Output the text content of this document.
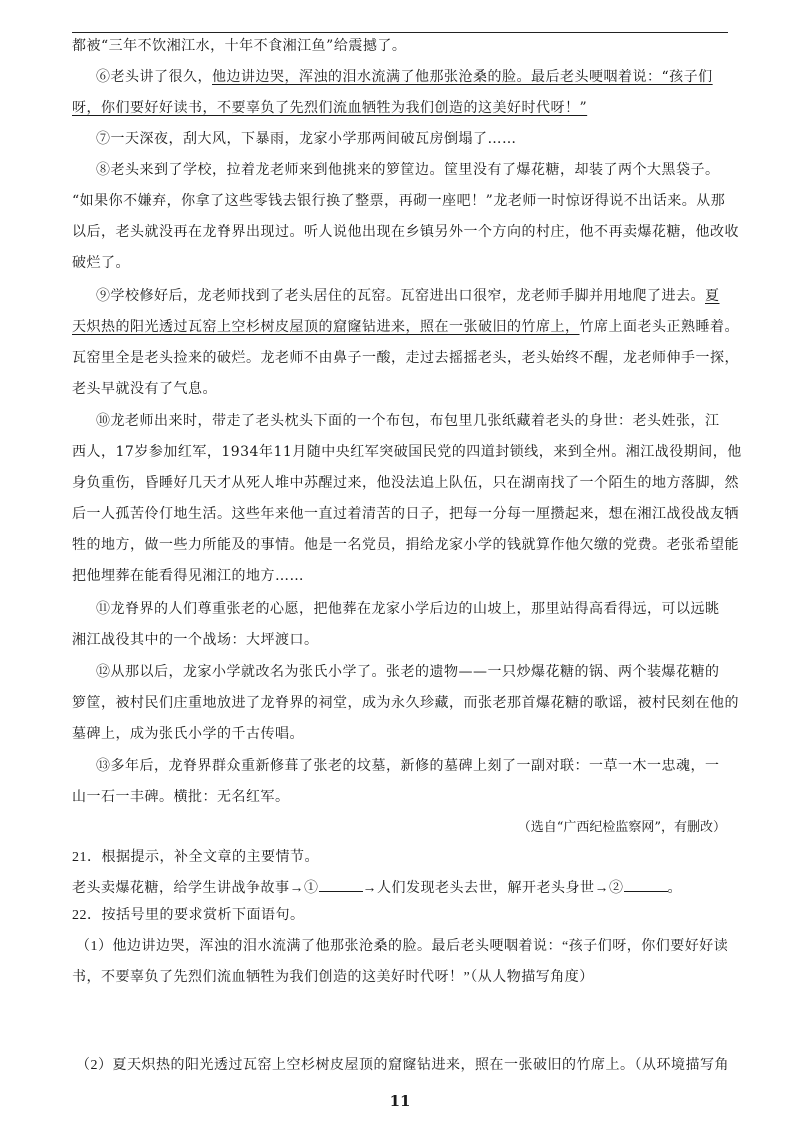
都被“三年不饮湘江水，十年不食湘江鱼”给震撼了。
⑥老头讲了很久，他边讲边哭，浑浊的泪水流满了他那张沧桑的脸。最后老头哽咽着说：“孩子们
呀，你们要好好读书，不要辜负了先烈们流血牺牲为我们创造的这美好时代呀！”
⑦一天深夜，刮大风，下暴雨，龙家小学那两间破瓦房倒塌了……
⑧老头来到了学校，拉着龙老师来到他挑来的箩筐边。筐里没有了爆花糖，却装了两个大黑袋子。
“如果你不嫌弃，你拿了这些零钱去银行换了整票，再砌一座吧！”龙老师一时惊讶得说不出话来。从那
以后，老头就没再在龙脊界出现过。听人说他出现在乡镇另外一个方向的村庄，他不再卖爆花糖，他改收
破烂了。
⑨学校修好后，龙老师找到了老头居住的瓦窑。瓦窑进出口很窄，龙老师手脚并用地爬了进去。夏
天炽热的阳光透过瓦窑上空杉树皮屋顶的窟窿钻进来，照在一张破旧的竹席上，竹席上面老头正熟睡着。
瓦窑里全是老头捡来的破烂。龙老师不由鼻子一酸，走过去摇摇老头，老头始终不醒，龙老师伸手一探，
老头早就没有了气息。
⑩龙老师出来时，带走了老头枕头下面的一个布包，布包里几张纸藏着老头的身世：老头姓张，江
西人，17岁参加红军，1934年11月随中央红军突破国民党的四道封锁线，来到全州。湘江战役期间，他
身负重伤，昏睡好几天才从死人堆中苏醒过来，他没法追上队伍，只在湖南找了一个陌生的地方落脚，然
后一人孤苦伶仃地生活。这些年来他一直过着清苦的日子，把每一分每一厘攒起来，想在湘江战役战友牺
牲的地方，做一些力所能及的事情。他是一名党员，捐给龙家小学的钱就算作他欠缴的党费。老张希望能
把他埋葬在能看得见湘江的地方……
⑪龙脊界的人们尊重张老的心愿，把他葬在龙家小学后边的山坡上，那里站得高看得远，可以远眺
湘江战役其中的一个战场：大坪渡口。
⑫从那以后，龙家小学就改名为张氏小学了。张老的遗物——一只炒爆花糖的锅、两个装爆花糖的
箩筐，被村民们庄重地放进了龙脊界的祠堂，成为永久珍藏，而张老那首爆花糖的歌谣，被村民刻在他的
墓碑上，成为张氏小学的千古传唱。
⑬多年后，龙脊界群众重新修葺了张老的坟墓，新修的墓碑上刻了一副对联：一草一木一忠魂，一
山一石一丰碑。横批：无名红军。
（选自“广西纪检监察网”，有删改）
21．根据提示，补全文章的主要情节。
老头卖爆花糖，给学生讲战争故事→①	→人们发现老头去世，解开老头身世→②	。
22．按括号里的要求赏析下面语句。
（1）他边讲边哭，浑浊的泪水流满了他那张沧桑的脸。最后老头哽咽着说：“孩子们呀，你们要好好读
书，不要辜负了先烈们流血牺牲为我们创造的这美好时代呀！”（从人物描写角度）
（2）夏天炽热的阳光透过瓦窑上空杉树皮屋顶的窟窿钻进来，照在一张破旧的竹席上。（从环境描写角
11
